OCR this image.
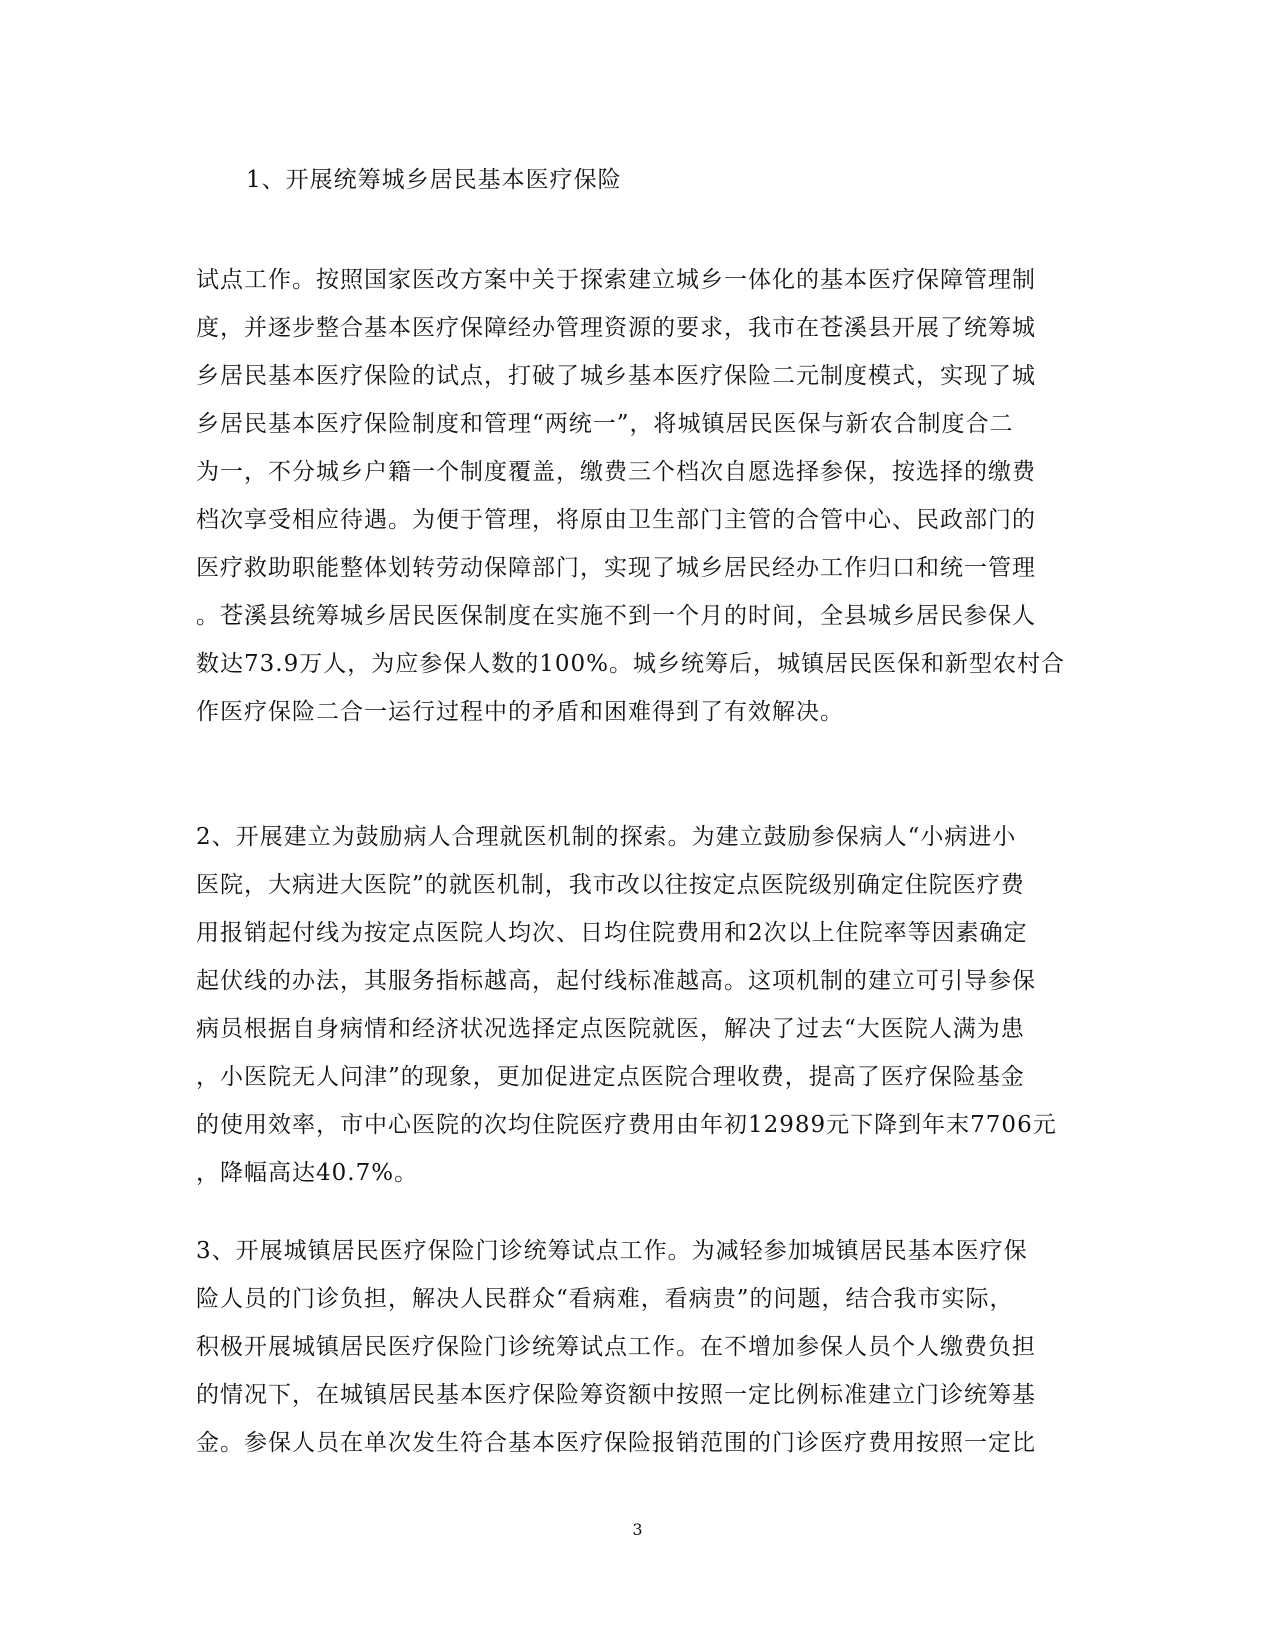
1、开展统筹城乡居民基本医疗保险
试点工作。按照国家医改方案中关于探索建立城乡一体化的基本医疗保障管理制
度，并逐步整合基本医疗保障经办管理资源的要求，我市在苍溪县开展了统筹城
乡居民基本医疗保险的试点，打破了城乡基本医疗保险二元制度模式，实现了城
乡居民基本医疗保险制度和管理“两统一”，将城镇居民医保与新农合制度合二
为一，不分城乡户籍一个制度覆盖，缴费三个档次自愿选择参保，按选择的缴费
档次享受相应待遇。为便于管理，将原由卫生部门主管的合管中心、民政部门的
医疗救助职能整体划转劳动保障部门，实现了城乡居民经办工作归口和统一管理
。苍溪县统筹城乡居民医保制度在实施不到一个月的时间，全县城乡居民参保人
数达73.9万人，为应参保人数的100%。城乡统筹后，城镇居民医保和新型农村合
作医疗保险二合一运行过程中的矛盾和困难得到了有效解决。
2、开展建立为鼓励病人合理就医机制的探索。为建立鼓励参保病人“小病进小
医院，大病进大医院”的就医机制，我市改以往按定点医院级别确定住院医疗费
用报销起付线为按定点医院人均次、日均住院费用和2次以上住院率等因素确定
起伏线的办法，其服务指标越高，起付线标准越高。这项机制的建立可引导参保
病员根据自身病情和经济状况选择定点医院就医，解决了过去“大医院人满为患
，小医院无人问津”的现象，更加促进定点医院合理收费，提高了医疗保险基金
的使用效率，市中心医院的次均住院医疗费用由年初12989元下降到年末7706元
，降幅高达40.7%。
3、开展城镇居民医疗保险门诊统筹试点工作。为减轻参加城镇居民基本医疗保
险人员的门诊负担，解决人民群众“看病难，看病贵”的问题，结合我市实际，
积极开展城镇居民医疗保险门诊统筹试点工作。在不增加参保人员个人缴费负担
的情况下，在城镇居民基本医疗保险筹资额中按照一定比例标准建立门诊统筹基
金。参保人员在单次发生符合基本医疗保险报销范围的门诊医疗费用按照一定比
3
